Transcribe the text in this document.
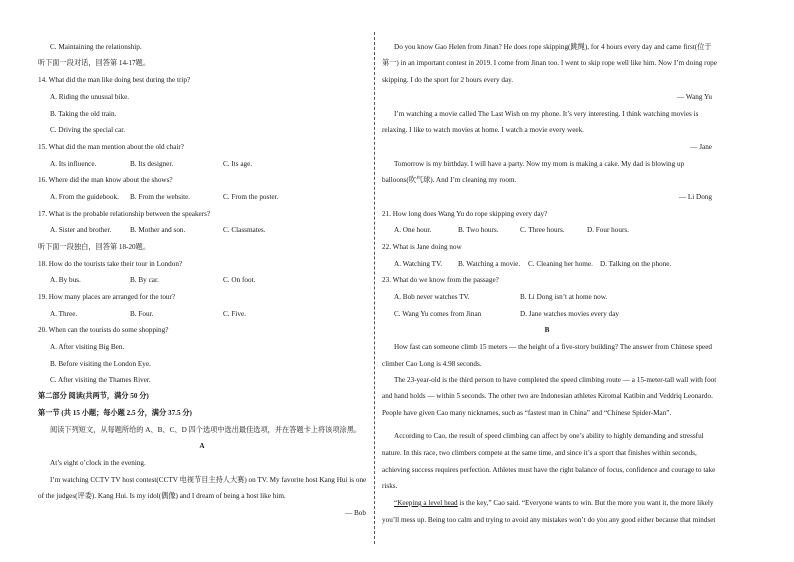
C. Maintaining the relationship.
听下面一段对话，回答第 14-17题。
14. What did the man like doing best during the trip?
A. Riding the unusual bike.
B. Taking the old train.
C. Driving the special car.
15. What did the man mention about the old chair?
A. Its influence.	B. Its designer.	C. Its age.
16. Where did the man know about the shows?
A. From the guidebook. B. From the website.	C. From the poster.
17. What is the probable relationship between the speakers?
A. Sister and brother.	B. Mother and son.	C. Classmates.
听下面一段独白，回答第 18-20题。
18. How do the tourists take their tour in London?
A. By bus.	B. By car.	C. On foot.
19. How many places are arranged for the tour?
A. Three.	B. Four.	C. Five.
20. When can the tourists do some shopping?
A. After visiting Big Ben.
B. Before visiting the London Eye.
C. After visiting the Thames River.
第二部分 阅读(共两节，满分 50 分)
第一节 (共 15 小题；每小题 2.5 分，满分 37.5 分)
阅读下列短文，从每题所给的 A、B、C、D 四个选项中选出最佳选项，并在答题卡上将该项涂黑。
A
At’s eight o’clock in the evening.
I’m watching CCTV TV host contest(CCTV 电视节目主持人大赛) on TV. My favorite host Kang Hui is one
of the judges(评委). Kang Hui. Is my idol(偶像) and I dream of being a host like him.
— Bob
Do you know Gao Helen from Jinan? He does rope skipping(跳绳), for 4 hours every day and came first(位于
第一) in an important contest in 2019. I come from Jinan too. I went to skip rope well like him. Now I’m doing rope
skipping. I do the sport for 2 hours every day.
— Wang Yu
I’m watching a movie called The Last Wish on my phone. It’s very interesting. I think watching movies is
relaxing. I like to watch movies at home. I watch a movie every week.
— Jane
Tomorrow is my birthday. I will have a party. Now my mom is making a cake. My dad is blowing up
balloons(吹气球). And I’m cleaning my room.
— Li Dong
21. How long does Wang Yu do rope skipping every day?
A. One hour.	B. Two hours.	C. Three hours.	D. Four hours.
22. What is Jane doing now
A. Watching TV. B. Watching a movie. C. Cleaning her home. D. Talking on the phone.
23. What do we know from the passage?
A. Bob never watches TV.	B. Li Dong isn’t at home now.
C. Wang Yu comes from Jinan	D. Jane watches movies every day
B
How fast can someone climb 15 meters — the height of a five-story building? The answer from Chinese speed
climber Cao Long is 4.98 seconds.
The 23-year-old is the third person to have completed the speed climbing route — a 15-meter-tall wall with foot
and hand holds — within 5 seconds. The other two are Indonesian athletes Kiromal Katibin and Veddriq Leonardo.
People have given Cao many nicknames, such as “fastest man in China” and “Chinese Spider-Man”.
According to Cao, the result of speed climbing can affect by one’s ability to highly demanding and stressful
nature. In this race, two climbers compete at the same time, and since it’s a sport that finishes within seconds,
achieving success requires perfection. Athletes must have the right balance of focus, confidence and courage to take
risks.
“Keeping a level head is the key,” Cao said. “Everyone wants to win. But the more you want it, the more likely
you’ll mess up. Being too calm and trying to avoid any mistakes won’t do you any good either because that mindset
